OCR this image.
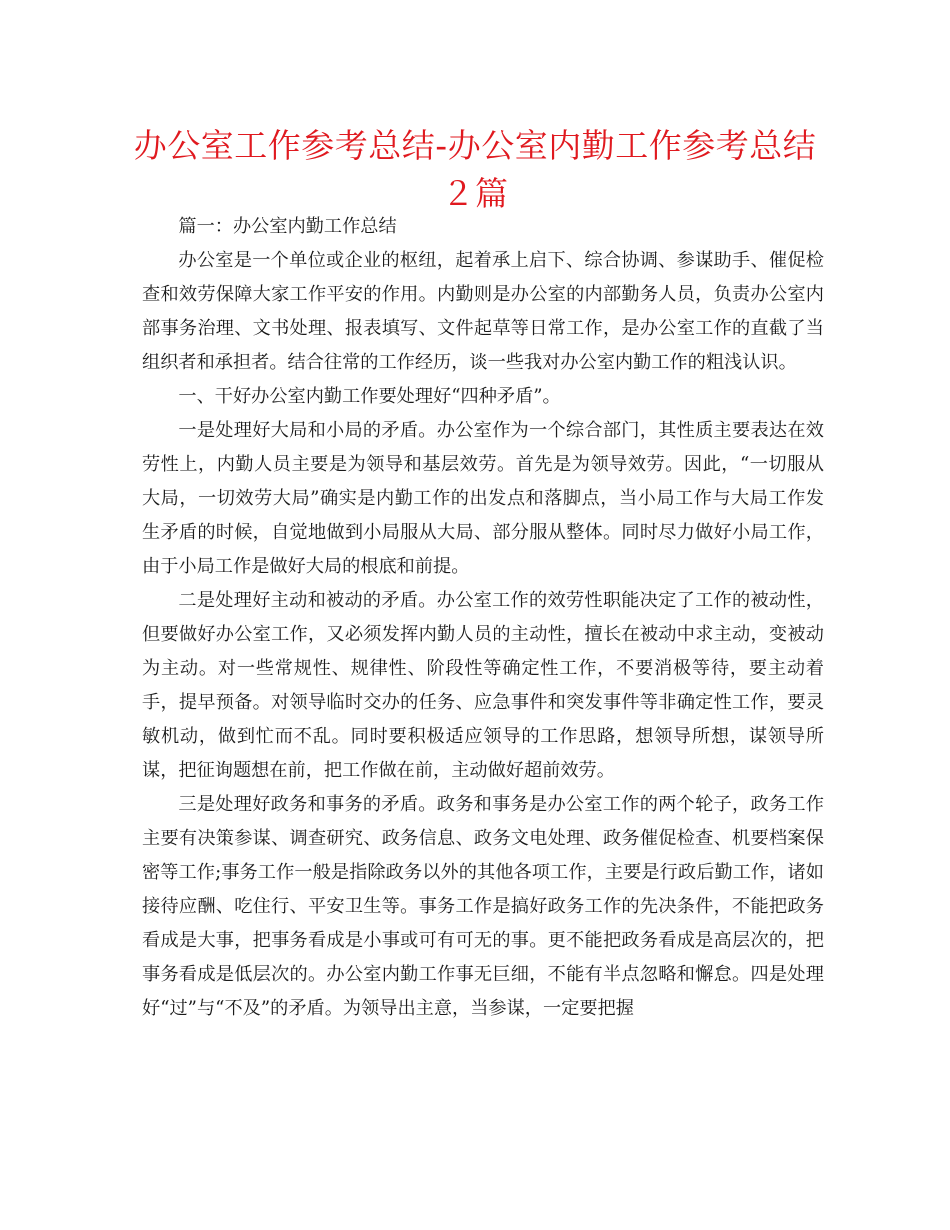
办公室工作参考总结-办公室内勤工作参考总结２篇

篇一：办公室内勤工作总结

办公室是一个单位或企业的枢纽，起着承上启下、综合协调、参谋助手、催促检查和效劳保障大家工作平安的作用。内勤则是办公室的内部勤务人员，负责办公室内部事务治理、文书处理、报表填写、文件起草等日常工作，是办公室工作的直截了当组织者和承担者。结合往常的工作经历，谈一些我对办公室内勤工作的粗浅认识。

一、干好办公室内勤工作要处理好“四种矛盾”。

一是处理好大局和小局的矛盾。办公室作为一个综合部门，其性质主要表达在效劳性上，内勤人员主要是为领导和基层效劳。首先是为领导效劳。因此，“一切服从大局，一切效劳大局”确实是内勤工作的出发点和落脚点，当小局工作与大局工作发生矛盾的时候，自觉地做到小局服从大局、部分服从整体。同时尽力做好小局工作，由于小局工作是做好大局的根底和前提。

二是处理好主动和被动的矛盾。办公室工作的效劳性职能决定了工作的被动性，但要做好办公室工作，又必须发挥内勤人员的主动性，擅长在被动中求主动，变被动为主动。对一些常规性、规律性、阶段性等确定性工作，不要消极等待，要主动着手，提早预备。对领导临时交办的任务、应急事件和突发事件等非确定性工作，要灵敏机动，做到忙而不乱。同时要积极适应领导的工作思路，想领导所想，谋领导所谋，把征询题想在前，把工作做在前，主动做好超前效劳。

三是处理好政务和事务的矛盾。政务和事务是办公室工作的两个轮子，政务工作主要有决策参谋、调查研究、政务信息、政务文电处理、政务催促检查、机要档案保密等工作;事务工作一般是指除政务以外的其他各项工作，主要是行政后勤工作，诸如接待应酬、吃住行、平安卫生等。事务工作是搞好政务工作的先决条件，不能把政务看成是大事，把事务看成是小事或可有可无的事。更不能把政务看成是高层次的，把事务看成是低层次的。办公室内勤工作事无巨细，不能有半点忽略和懈怠。四是处理好“过”与“不及”的矛盾。为领导出主意，当参谋，一定要把握
